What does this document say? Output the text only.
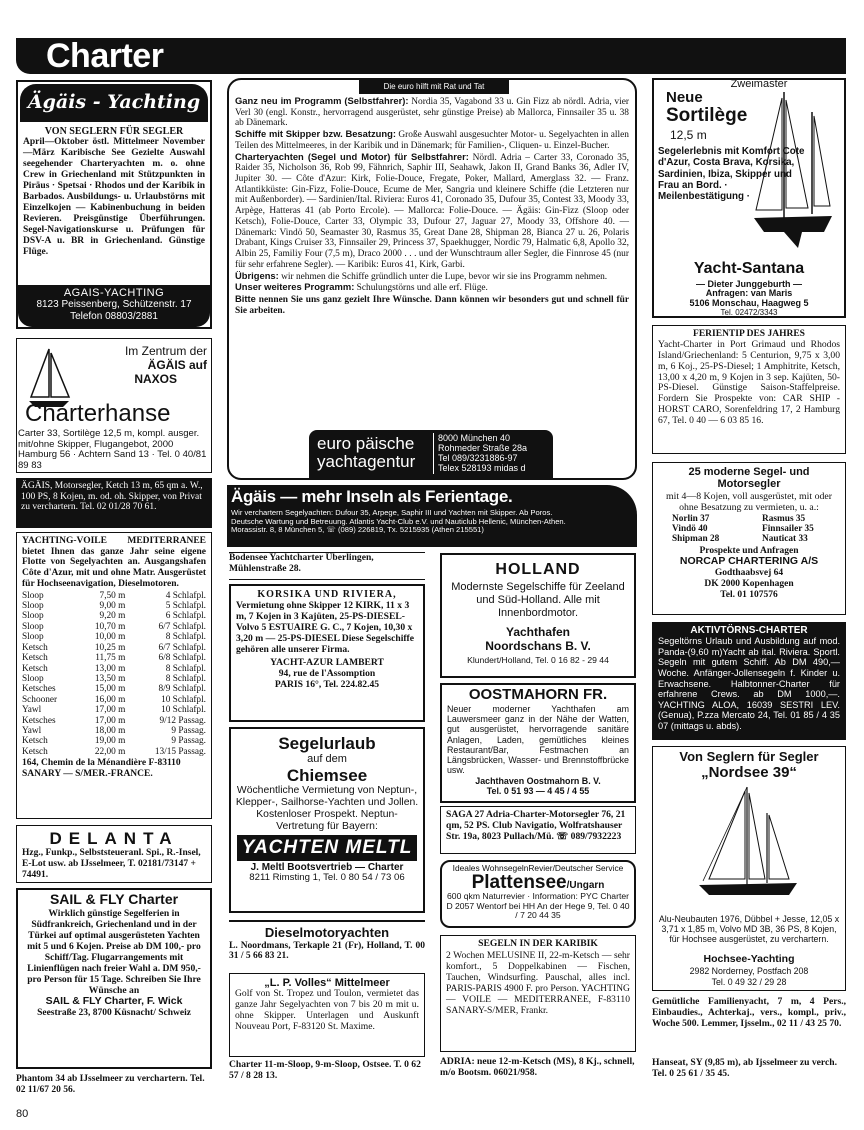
Charter
Ägäis - Yachting
VON SEGLERN FÜR SEGLER
April—Oktober östl. Mittelmeer November—März Karibische See Gezielte Auswahl seegehender Charteryachten m. o. ohne Crew in Griechenland mit Stützpunkten in Piräus · Spetsai · Rhodos und der Karibik in Barbados. Ausbildungs- u. Urlaubstörns mit Einzelkojen — Kabinenbuchung in beiden Revieren. Preisgünstige Überführungen. Segel-Navigationskurse u. Prüfungen für DSV-A u. BR in Griechenland. Günstige Flüge.
AGAIS-YACHTING
8123 Peissenberg, Schützenstr. 17
Telefon 08803/2881
Im Zentrum der
ÄGÄIS auf
NAXOS
Charterhanse
Carter 33, Sortilège 12,5 m, kompl. ausger. mit/ohne Skipper, Flugangebot, 2000 Hamburg 56 · Achtern Sand 13 · Tel. 0 40/81 89 83
ÄGÄIS, Motorsegler, Ketch 13 m, 65 qm a. W., 100 PS, 8 Kojen, m. od. oh. Skipper, von Privat zu verchartern. Tel. 02 01/28 70 61.
YACHTING-VOILE MEDITERRANEE bietet Ihnen das ganze Jahr seine eigene Flotte von Segelyachten an. Ausgangshafen Côte d'Azur, mit und ohne Matr. Ausgerüstet für Hochseenavigation, Dieselmotoren.
Sloop	7,50 m	4 Schlafpl.
Sloop	9,00 m	5 Schlafpl.
Sloop	9,20 m	6 Schlafpl.
Sloop	10,70 m	6/7 Schlafpl.
Sloop	10,00 m	8 Schlafpl.
Ketsch	10,25 m	6/7 Schlafpl.
Ketsch	11,75 m	6/8 Schlafpl.
Ketsch	13,00 m	8 Schlafpl.
Sloop	13,50 m	8 Schlafpl.
Ketsches	15,00 m	8/9 Schlafpl.
Schooner	16,00 m	10 Schlafpl.
Yawl	17,00 m	10 Schlafpl.
Ketsches	17,00 m	9/12 Passag.
Yawl	18,00 m	9 Passag.
Ketsch	19,00 m	9 Passag.
Ketsch	22,00 m	13/15 Passag.
164, Chemin de la Ménandière F-83110 SANARY — S/MER.-FRANCE.
DELANTA
Hzg., Funkp., Selbststeueranl. Spi., R.-Insel, E-Lot usw. ab IJsselmeer, T. 02181/73147 + 74491.
SAIL & FLY Charter
Wirklich günstige Segelferien in Südfrankreich, Griechenland und in der Türkei auf optimal ausgerüsteten Yachten mit 5 und 6 Kojen. Preise ab DM 100,- pro Schiff/Tag. Flugarrangements mit Linienflügen nach freier Wahl a. DM 950,- pro Person für 15 Tage. Schreiben Sie Ihre Wünsche an
SAIL & FLY Charter, F. Wick
Seestraße 23, 8700 Küsnacht/ Schweiz
Phantom 34 ab IJsselmeer zu verchartern. Tel. 02 11/67 20 56.
80
Die euro hilft mit Rat und Tat
Ganz neu im Programm (Selbstfahrer): Nordia 35, Vagabond 33 u. Gin Fizz ab nördl. Adria, vier Verl 30 (engl. Konstr., hervorragend ausgerüstet, sehr günstige Preise) ab Mallorca, Finnsailer 35 u. 38 ab Dänemark.
Schiffe mit Skipper bzw. Besatzung: Große Auswahl ausgesuchter Motor- u. Segelyachten in allen Teilen des Mittelmeeres, in der Karibik und in Dänemark; für Familien-, Cliquen- u. Einzel-Bucher.
Charteryachten (Segel und Motor) für Selbstfahrer: Nördl. Adria – Carter 33, Coronado 35, Raider 35, Nicholson 36, Rob 99, Fähnrich, Saphir III, Seahawk, Jakon II, Grand Banks 36, Adler IV, Jupiter 30. — Côte d'Azur: Kirk, Folie-Douce, Fregate, Poker, Mallard, Amerglass 32. — Franz. Atlantikküste: Gin-Fizz, Folie-Douce, Ecume de Mer, Sangria und kleinere Schiffe (die Letzteren nur mit Außenborder). — Sardinien/Ital. Riviera: Euros 41, Coronado 35, Dufour 35, Contest 33, Moody 33, Arpège, Hatteras 41 (ab Porto Ercole). — Mallorca: Folie-Douce. — Ägäis: Gin-Fizz (Sloop oder Ketsch), Folie-Douce, Carter 33, Olympic 33, Dufour 27, Jaguar 27, Moody 33, Offshore 40. — Dänemark: Vindö 50, Seamaster 30, Rasmus 35, Great Dane 28, Shipman 28, Bianca 27 u. 26, Polaris Drabant, Kings Cruiser 33, Finnsailer 29, Princess 37, Spaekhugger, Nordic 79, Halmatic 6,8, Apollo 32, Albin 25, Familiy Four (7,5 m), Draco 2000 . . . und der Wunschtraum aller Segler, die Finnrose 45 (nur für sehr erfahrene Segler). — Karibik: Euros 41, Kirk, Garbi.
Übrigens: wir nehmen die Schiffe gründlich unter die Lupe, bevor wir sie ins Programm nehmen.
Unser weiteres Programm: Schulungstörns und alle erf. Flüge.
Bitte nennen Sie uns ganz gezielt Ihre Wünsche. Dann können wir besonders gut und schnell für Sie arbeiten.
euro päische
yachtagentur
8000 München 40
Rohmeder Straße 28a
Tel 089/3231886-97
Telex 528193 midas d
Zweimaster
Neue
Sortilège
12,5 m
Segelerlebnis mit Komfort Cote d'Azur, Costa Brava, Korsika, Sardinien, Ibiza, Skipper und Frau an Bord. · Meilenbestätigung ·
Yacht-Santana
— Dieter Junggeburth —
Anfragen: van Maris
5106 Monschau, Haagweg 5
Tel. 02472/3343
FERIENTIP DES JAHRES
Yacht-Charter in Port Grimaud und Rhodos Island/Griechenland: 5 Centurion, 9,75 x 3,00 m, 6 Koj., 25-PS-Diesel; 1 Amphitrite, Ketsch, 13,00 x 4,20 m, 9 Kojen in 3 sep. Kajüten, 50-PS-Diesel. Günstige Saison-Staffelpreise. Fordern Sie Prospekte von: CAR SHIP - HORST CARO, Sorenfeldring 17, 2 Hamburg 67, Tel. 0 40 — 6 03 85 16.
25 moderne Segel- und Motorsegler
mit 4—8 Kojen, voll ausgerüstet, mit oder ohne Besatzung zu vermieten, u. a.:
Norlin 37	Rasmus 35
Vindö 40	Finnsailer 35
Shipman 28	Nauticat 33
Prospekte und Anfragen
NORCAP CHARTERING A/S
Godthaabsvej 64
DK 2000 Kopenhagen
Tel. 01 107576
AKTIVTÖRNS-CHARTER
Segeltörns Urlaub und Ausbildung auf mod. Panda-(9,60 m)Yacht ab ital. Riviera. Sportl. Segeln mit gutem Schiff. Ab DM 490,— Woche. Anfänger-Jollensegeln f. Kinder u. Erwachsene. Halbtonner-Charter für erfahrene Crews. ab DM 1000,—. YACHTING ALOA, 16039 SESTRI LEV. (Genua), P.zza Mercato 24, Tel. 01 85 / 4 35 07 (mittags u. abds).
Von Seglern für Segler
„Nordsee 39“
Alu-Neubauten 1976, Dübbel + Jesse, 12,05 x 3,71 x 1,85 m, Volvo MD 3B, 36 PS, 8 Kojen, für Hochsee ausgerüstet, zu verchartern.
Hochsee-Yachting
2982 Norderney, Postfach 208
Tel. 0 49 32 / 29 28
Gemütliche Familienyacht, 7 m, 4 Pers., Einbaudies., Achterkaj., vers., kompl., priv., Woche 500. Lemmer, Ijsselm., 02 11 / 43 25 70.
Hanseat, SY (9,85 m), ab Ijsselmeer zu verch. Tel. 0 25 61 / 35 45.
Ägäis — mehr Inseln als Ferientage.
Wir verchartern Segelyachten: Dufour 35, Arpege, Saphir III und Yachten mit Skipper. Ab Poros. Deutsche Wartung und Betreuung. Atlantis Yacht-Club e.V. und Nauticlub Hellenic, München-Athen. Morassistr. 8, 8 München 5, ☏ (089) 226819, Tx. 5215935 (Athen 215551)
Bodensee Yachtcharter Überlingen, Mühlenstraße 28.
KORSIKA UND RIVIERA,
Vermietung ohne Skipper 12 KIRK, 11 x 3 m, 7 Kojen in 3 Kajüten, 25-PS-DIESEL-Volvo 5 ESTUAIRE G. C., 7 Kojen, 10,30 x 3,20 m — 25-PS-DIESEL Diese Segelschiffe gehören alle unserer Firma.
YACHT-AZUR LAMBERT
94, rue de l'Assomption
PARIS 16°, Tel. 224.82.45
Segelurlaub
auf dem
Chiemsee
Wöchentliche Vermietung von Neptun-, Klepper-, Sailhorse-Yachten und Jollen. Kostenloser Prospekt. Neptun-Vertretung für Bayern:
YACHTEN MELTL
J. Meltl Bootsvertrieb — Charter
8211 Rimsting 1, Tel. 0 80 54 / 73 06
HOLLAND
Modernste Segelschiffe für Zeeland und Süd-Holland. Alle mit Innenbordmotor.
Yachthafen
Noordschans B. V.
Klundert/Holland, Tel. 0 16 82 - 29 44
OOSTMAHORN FR.
Neuer moderner Yachthafen am Lauwersmeer ganz in der Nähe der Watten, gut ausgerüstet, hervorragende sanitäre Anlagen, Laden, gemütliches kleines Restaurant/Bar, Festmachen an Längsbrücken, Wasser- und Brennstoffbrücke usw.
Jachthaven Oostmahorn B. V.
Tel. 0 51 93 — 4 45 / 4 55
SAGA 27 Adria-Charter-Motorsegler 76, 21 qm, 52 PS. Club Navigatio, Wolfratshauser Str. 19a, 8023 Pullach/Mü. ☏ 089/7932223
Ideales WohnsegelnRevier/Deutscher Service
Plattensee/Ungarn
600 qkm Naturrevier · Information: PYC Charter D 2057 Wentorf bei HH An der Hege 9, Tel. 0 40 / 7 20 44 35
Dieselmotoryachten
L. Noordmans, Terkaple 21 (Fr), Holland, T. 00 31 / 5 66 83 21.
„L. P. Volles“ Mittelmeer
Golf von St. Tropez und Toulon, vermietet das ganze Jahr Segelyachten von 7 bis 20 m mit u. ohne Skipper. Unterlagen und Auskunft Nouveau Port, F-83120 St. Maxime.
SEGELN IN DER KARIBIK
2 Wochen MELUSINE II, 22-m-Ketsch — sehr komfort., 5 Doppelkabinen — Fischen, Tauchen, Windsurfing. Pauschal, alles incl. PARIS-PARIS 4900 F. pro Person. YACHTING — VOILE — MEDITERRANEE, F-83110 SANARY-S/MER, Frankr.
Charter 11-m-Sloop, 9-m-Sloop, Ostsee. T. 0 62 57 / 8 28 13.
ADRIA: neue 12-m-Ketsch (MS), 8 Kj., schnell, m/o Bootsm. 06021/958.
